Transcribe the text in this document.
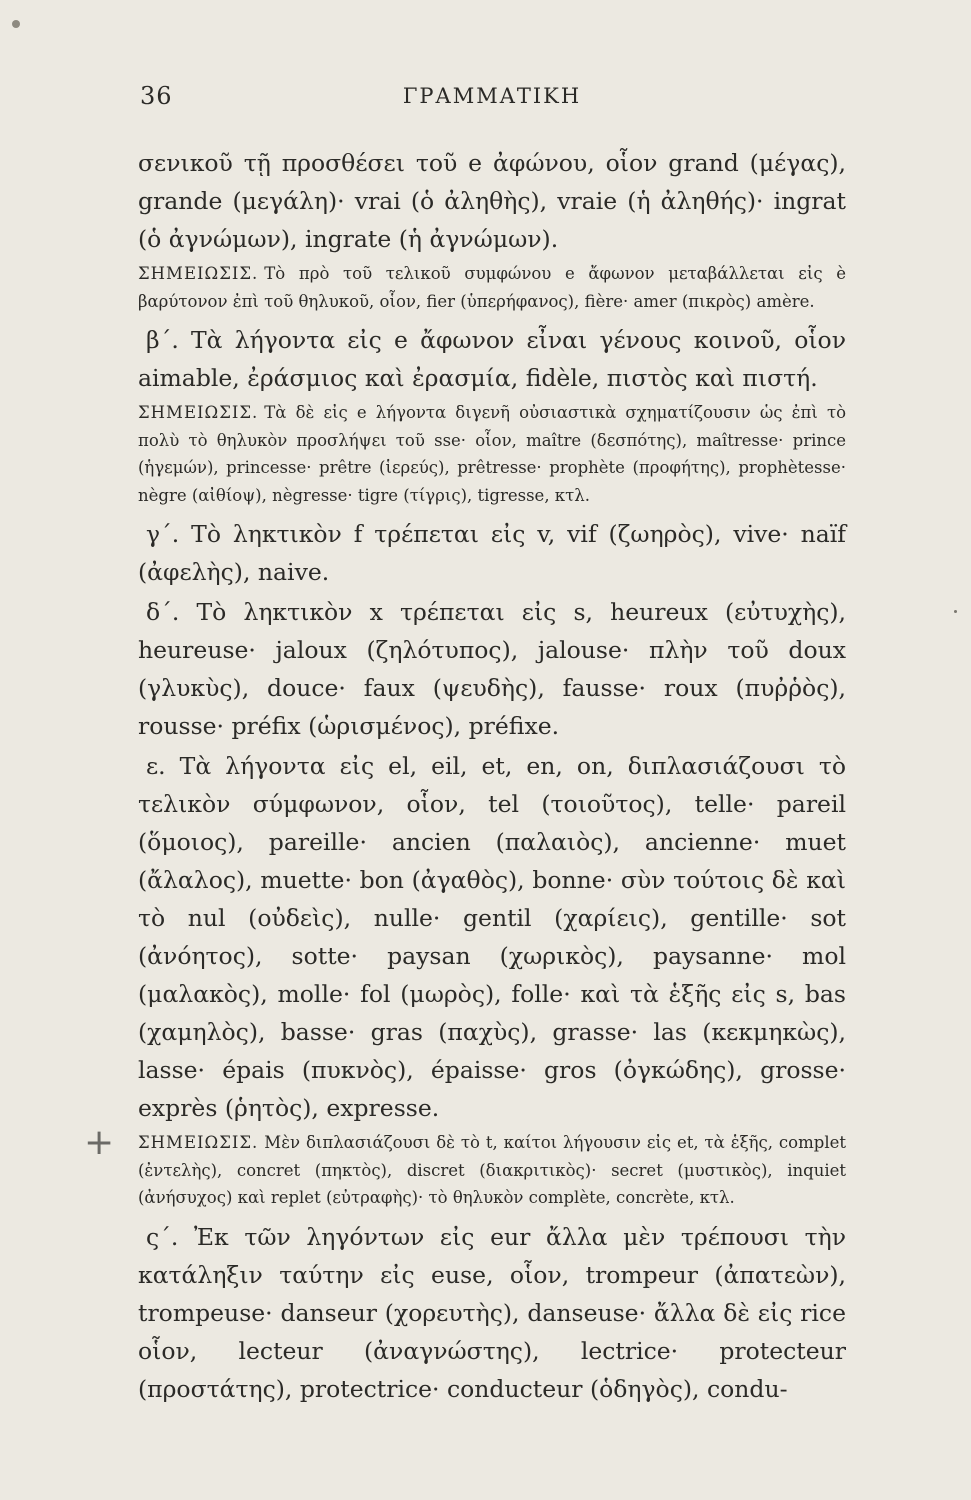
+
36	ΓΡΑΜΜΑΤΙΚΗ

σενικοῦ τῇ προσθέσει τοῦ e ἀφώνου, οἷον grand (μέγας), grande (μεγάλη)· vrai (ὁ ἀληθὴς), vraie (ἡ ἀληθής)· ingrat (ὁ ἀγνώμων), ingrate (ἡ ἀγνώμων).

ΣΗΜΕΙΩΣΙΣ. Τὸ πρὸ τοῦ τελικοῦ συμφώνου e ἄφωνον μεταβάλλεται εἰς è βαρύτονον ἐπὶ τοῦ θηλυκοῦ, οἷον, fier (ὑπερήφανος), fière· amer (πικρὸς) amère.

β΄. Τὰ λήγοντα εἰς e ἄφωνον εἶναι γένους κοινοῦ, οἷον aimable, ἐράσμιος καὶ ἐρασμία, fidèle, πιστὸς καὶ πιστή.

ΣΗΜΕΙΩΣΙΣ. Τὰ δὲ εἰς e λήγοντα διγενῆ οὐσιαστικὰ σχηματίζουσιν ὡς ἐπὶ τὸ πολὺ τὸ θηλυκὸν προσλήψει τοῦ sse· οἷον, maître (δεσπότης), maîtresse· prince (ἡγεμών), princesse· prêtre (ἱερεύς), prêtresse· prophète (προφήτης), prophètesse· nègre (αἰθίοψ), nègresse· tigre (τίγρις), tigresse, κτλ.

γ΄. Τὸ ληκτικὸν f τρέπεται εἰς v, vif (ζωηρὸς), vive· naïf (ἀφελὴς), naive.

δ΄. Τὸ ληκτικὸν x τρέπεται εἰς s, heureux (εὐτυχὴς), heureuse· jaloux (ζηλότυπος), jalouse· πλὴν τοῦ doux (γλυκὺς), douce· faux (ψευδὴς), fausse· roux (πυῤῥὸς), rousse· préfix (ὡρισμένος), préfixe.

ε. Τὰ λήγοντα εἰς el, eil, et, en, on, διπλασιάζουσι τὸ τελικὸν σύμφωνον, οἷον, tel (τοιοῦτος), telle· pareil (ὅμοιος), pareille· ancien (παλαιὸς), ancienne· muet (ἄλαλος), muette· bon (ἀγαθὸς), bonne· σὺν τούτοις δὲ καὶ τὸ nul (οὐδεὶς), nulle· gentil (χαρίεις), gentille· sot (ἀνόητος), sotte· paysan (χωρικὸς), paysanne· mol (μαλακὸς), molle· fol (μωρὸς), folle· καὶ τὰ ἑξῆς εἰς s, bas (χαμηλὸς), basse· gras (παχὺς), grasse· las (κεκμηκὼς), lasse· épais (πυκνὸς), épaisse· gros (ὀγκώδης), grosse· exprès (ῥητὸς), expresse.

ΣΗΜΕΙΩΣΙΣ. Μὲν διπλασιάζουσι δὲ τὸ t, καίτοι λήγουσιν εἰς et, τὰ ἑξῆς, complet (ἐντελὴς), concret (πηκτὸς), discret (διακριτικὸς)· secret (μυστικὸς), inquiet (ἀνήσυχος) καὶ replet (εὐτραφὴς)· τὸ θηλυκὸν complète, concrète, κτλ.

ς΄. Ἐκ τῶν ληγόντων εἰς eur ἄλλα μὲν τρέπουσι τὴν κατάληξιν ταύτην εἰς euse, οἷον, trompeur (ἀπατεὼν), trompeuse· danseur (χορευτὴς), danseuse· ἄλλα δὲ εἰς rice οἷον, lecteur (ἀναγνώστης), lectrice· protecteur (προστάτης), protectrice· conducteur (ὁδηγὸς), condu-
